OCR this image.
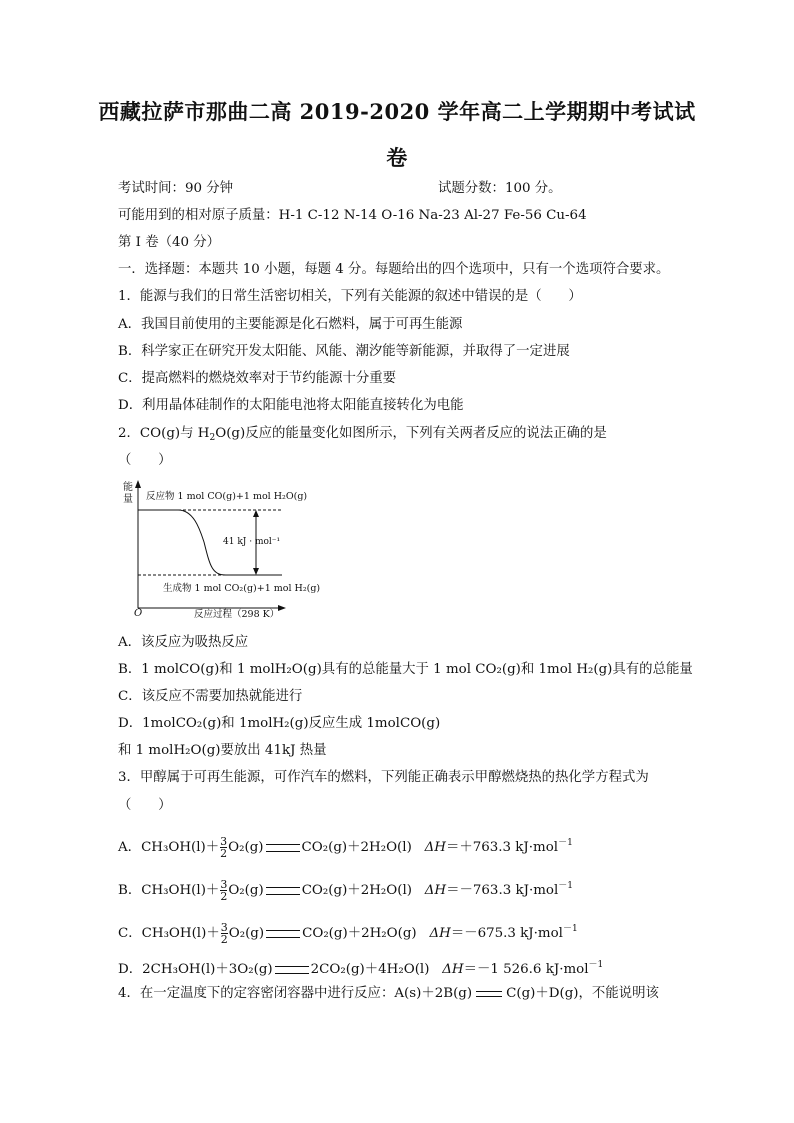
西藏拉萨市那曲二高 2019-2020 学年高二上学期期中考试试
卷
考试时间：90 分钟	试题分数：100 分。
可能用到的相对原子质量：H-1 C-12 N-14 O-16 Na-23 Al-27 Fe-56 Cu-64
第 I 卷（40 分）
一．选择题：本题共 10 小题，每题 4 分。每题给出的四个选项中，只有一个选项符合要求。
1．能源与我们的日常生活密切相关，下列有关能源的叙述中错误的是（　　）
A．我国目前使用的主要能源是化石燃料，属于可再生能源
B．科学家正在研究开发太阳能、风能、潮汐能等新能源，并取得了一定进展
C．提高燃料的燃烧效率对于节约能源十分重要
D．利用晶体硅制作的太阳能电池将太阳能直接转化为电能
2．CO(g)与 $H_2O(g)$反应的能量变化如图所示，下列有关两者反应的说法正确的是
（　　）
能
量
O
反应物 1 mol CO(g)+1 mol H₂O(g)
41 kJ · mol⁻¹
生成物 1 mol CO₂(g)+1 mol H₂(g)
反应过程（298 K）
A．该反应为吸热反应
B．1 molCO(g)和 1 molH₂O(g)具有的总能量大于 1 mol CO₂(g)和 1mol H₂(g)具有的总能量
C．该反应不需要加热就能进行
D．1molCO₂(g)和 1molH₂(g)反应生成 1molCO(g)
和 1 molH₂O(g)要放出 41kJ 热量
3．甲醇属于可再生能源，可作汽车的燃料，下列能正确表示甲醇燃烧热的热化学方程式为
（　　）
A．$CH_3OH(l)+ \frac{3}{2} O_2(g)$	CO₂(g)＋2H₂O(l) ΔH＝＋763.3 kJ·mol$^{-1}$
B．$CH_3OH(l)+ \frac{3}{2} O_2(g)$	CO₂(g)＋2H₂O(l) ΔH＝－763.3 kJ·mol$^{-1}$
C．$CH_3OH(l)+ \frac{3}{2} O_2(g)$	CO₂(g)＋2H₂O(g) ΔH＝－675.3 kJ·mol$^{-1}$
D．2CH₃OH(l)＋3O₂(g)	2CO₂(g)＋4H₂O(l) ΔH＝－1 526.6 kJ·mol$^{-1}$
4．在一定温度下的定容密闭容器中进行反应：A(s)＋2B(g)	C(g)＋D(g)，不能说明该
